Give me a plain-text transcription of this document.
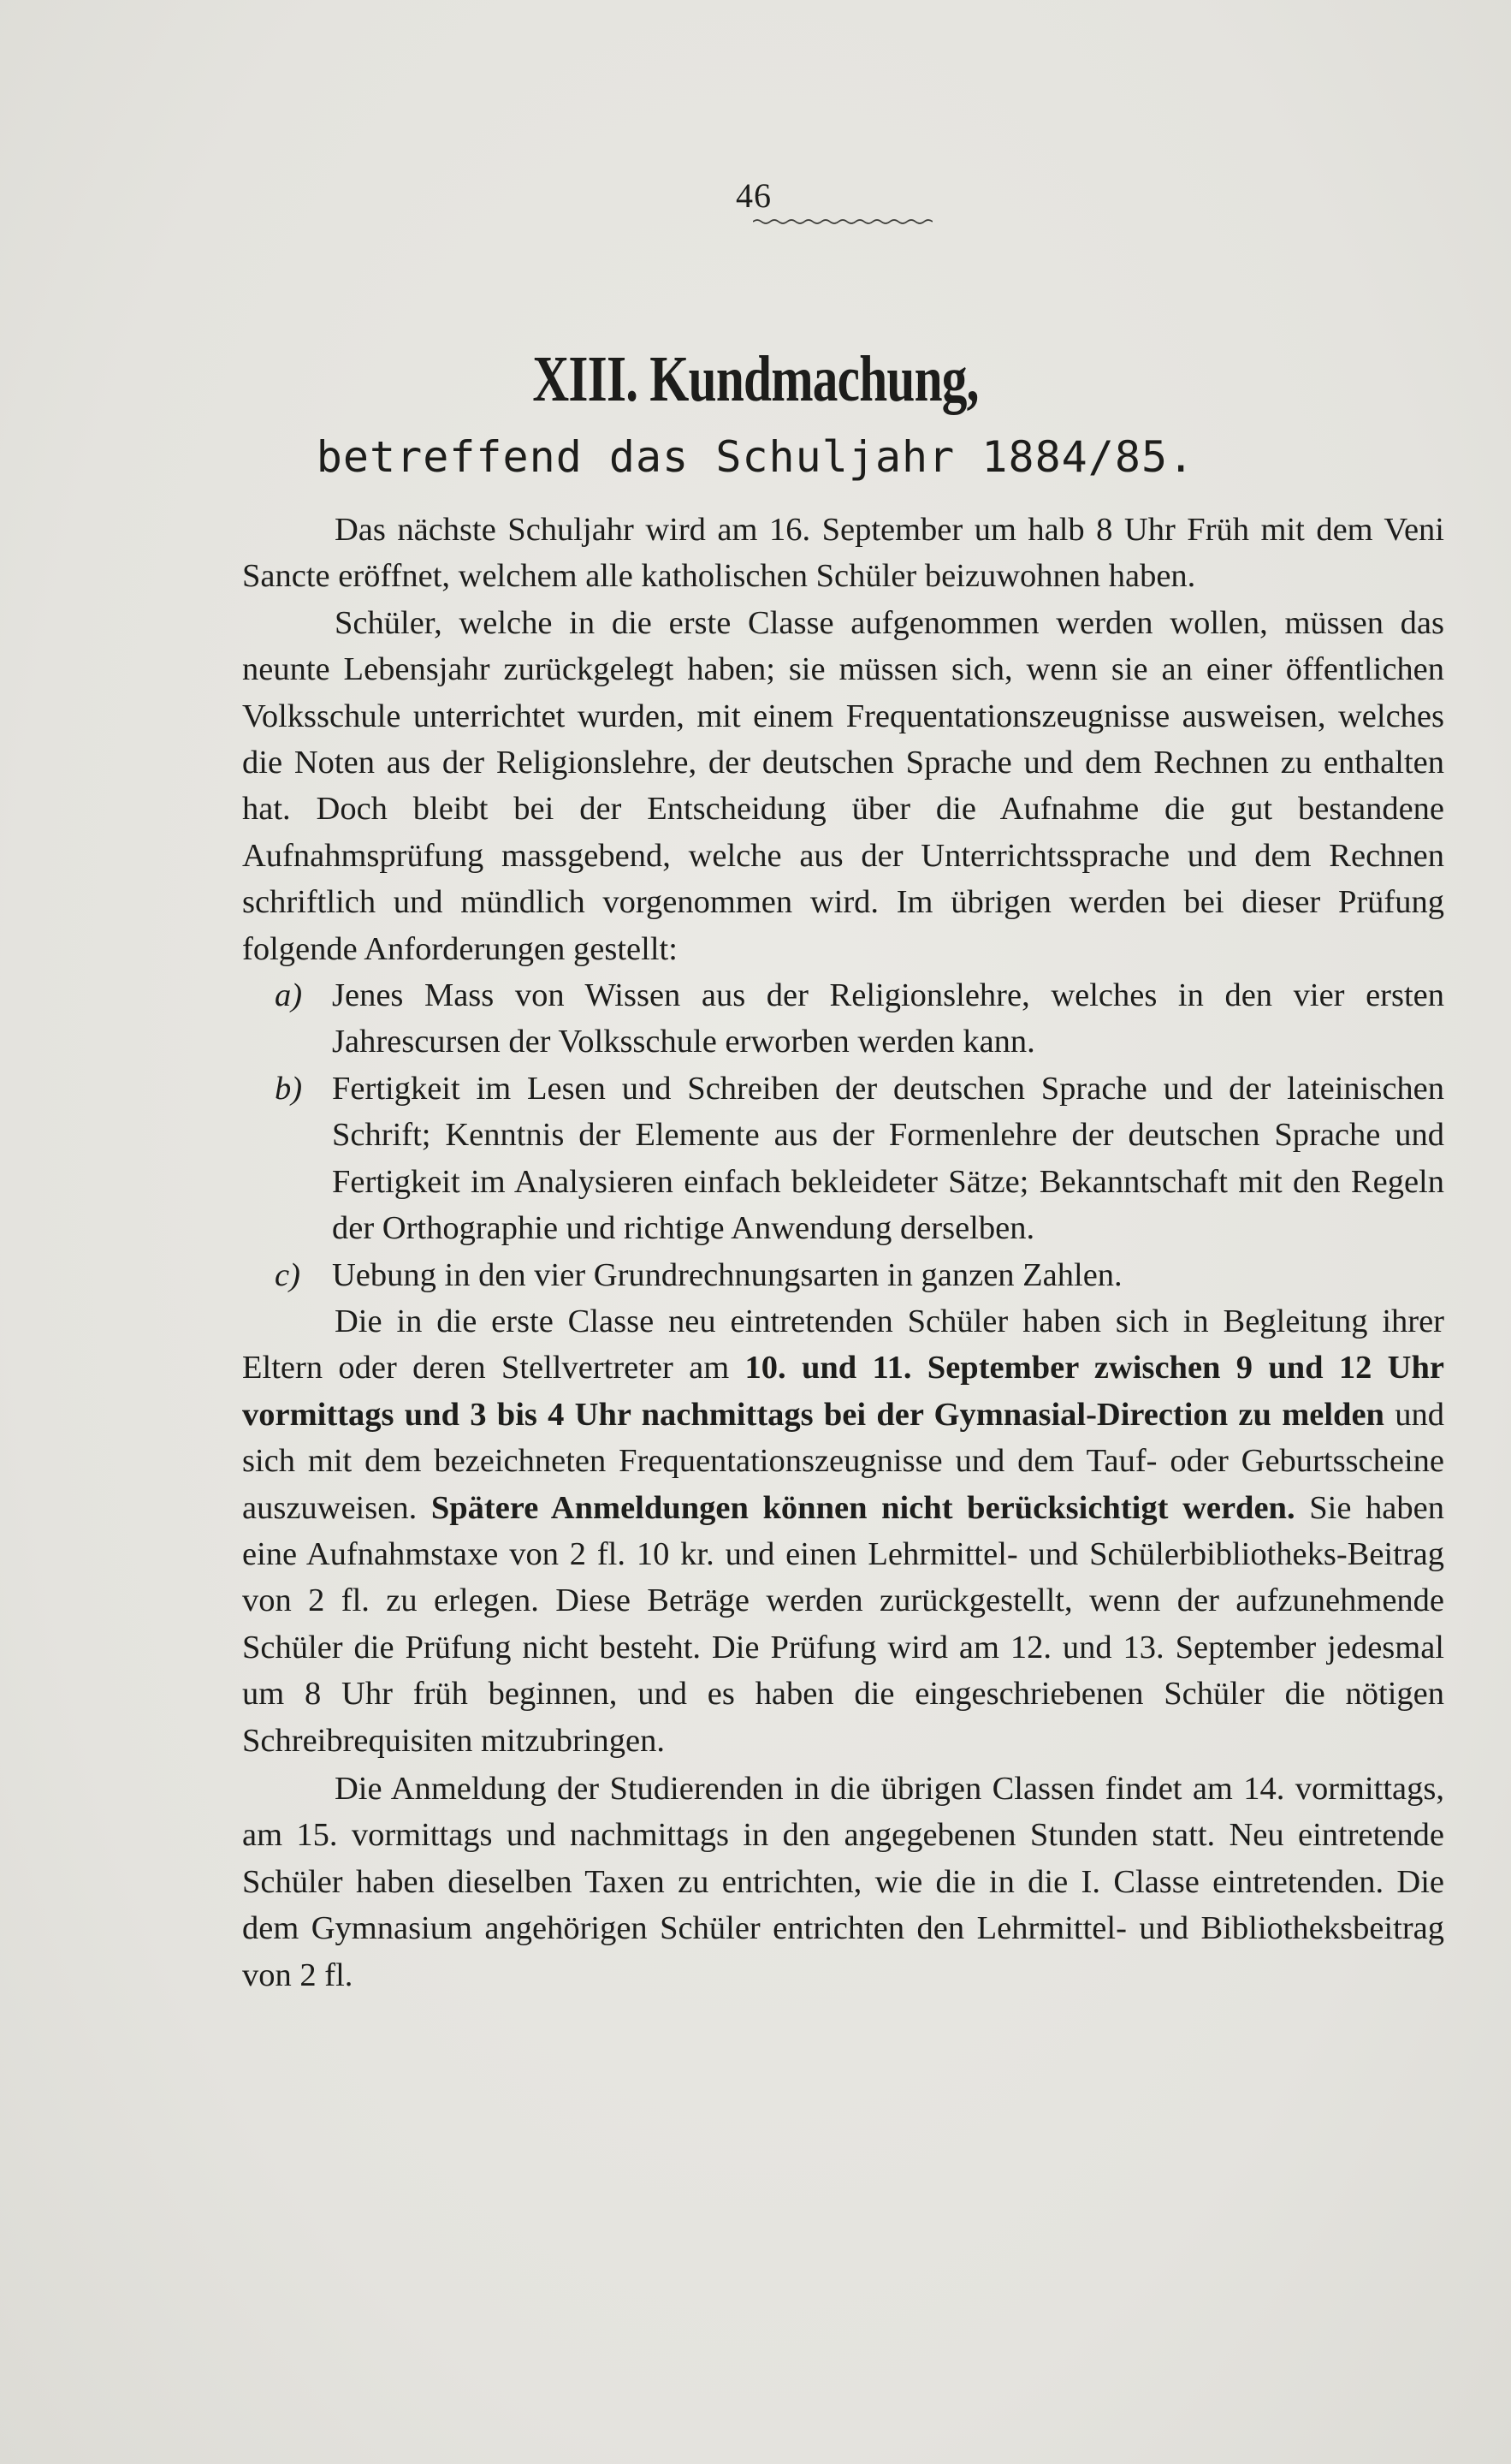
46
XIII. Kundmachung,
betreffend das Schuljahr 1884/85.

Das nächste Schuljahr wird am 16. September um halb 8 Uhr Früh mit dem Veni Sancte eröffnet, welchem alle katholischen Schüler beizuwohnen haben.

Schüler, welche in die erste Classe aufgenommen werden wollen, müssen das neunte Lebensjahr zurückgelegt haben; sie müssen sich, wenn sie an einer öffentlichen Volksschule unterrichtet wurden, mit einem Frequentationszeugnisse ausweisen, welches die Noten aus der Religionslehre, der deutschen Sprache und dem Rechnen zu enthalten hat. Doch bleibt bei der Entscheidung über die Aufnahme die gut bestandene Aufnahmsprüfung massgebend, welche aus der Unterrichtssprache und dem Rechnen schriftlich und mündlich vorgenommen wird. Im übrigen werden bei dieser Prüfung folgende Anforderungen gestellt:

a) Jenes Mass von Wissen aus der Religionslehre, welches in den vier ersten Jahrescursen der Volksschule erworben werden kann.

b) Fertigkeit im Lesen und Schreiben der deutschen Sprache und der lateinischen Schrift; Kenntnis der Elemente aus der Formenlehre der deutschen Sprache und Fertigkeit im Analysieren einfach bekleideter Sätze; Bekanntschaft mit den Regeln der Orthographie und richtige Anwendung derselben.

c) Uebung in den vier Grundrechnungsarten in ganzen Zahlen.

Die in die erste Classe neu eintretenden Schüler haben sich in Begleitung ihrer Eltern oder deren Stellvertreter am 10. und 11. September zwischen 9 und 12 Uhr vormittags und 3 bis 4 Uhr nachmittags bei der Gymnasial-Direction zu melden und sich mit dem bezeichneten Frequentationszeugnisse und dem Tauf- oder Geburtsscheine auszuweisen. Spätere Anmeldungen können nicht berücksichtigt werden. Sie haben eine Aufnahmstaxe von 2 fl. 10 kr. und einen Lehrmittel- und Schülerbibliotheks-Beitrag von 2 fl. zu erlegen. Diese Beträge werden zurückgestellt, wenn der aufzunehmende Schüler die Prüfung nicht besteht. Die Prüfung wird am 12. und 13. September jedesmal um 8 Uhr früh beginnen, und es haben die eingeschriebenen Schüler die nötigen Schreibrequisiten mitzubringen.

Die Anmeldung der Studierenden in die übrigen Classen findet am 14. vormittags, am 15. vormittags und nachmittags in den angegebenen Stunden statt. Neu eintretende Schüler haben dieselben Taxen zu entrichten, wie die in die I. Classe eintretenden. Die dem Gymnasium angehörigen Schüler entrichten den Lehrmittel- und Bibliotheksbeitrag von 2 fl.
